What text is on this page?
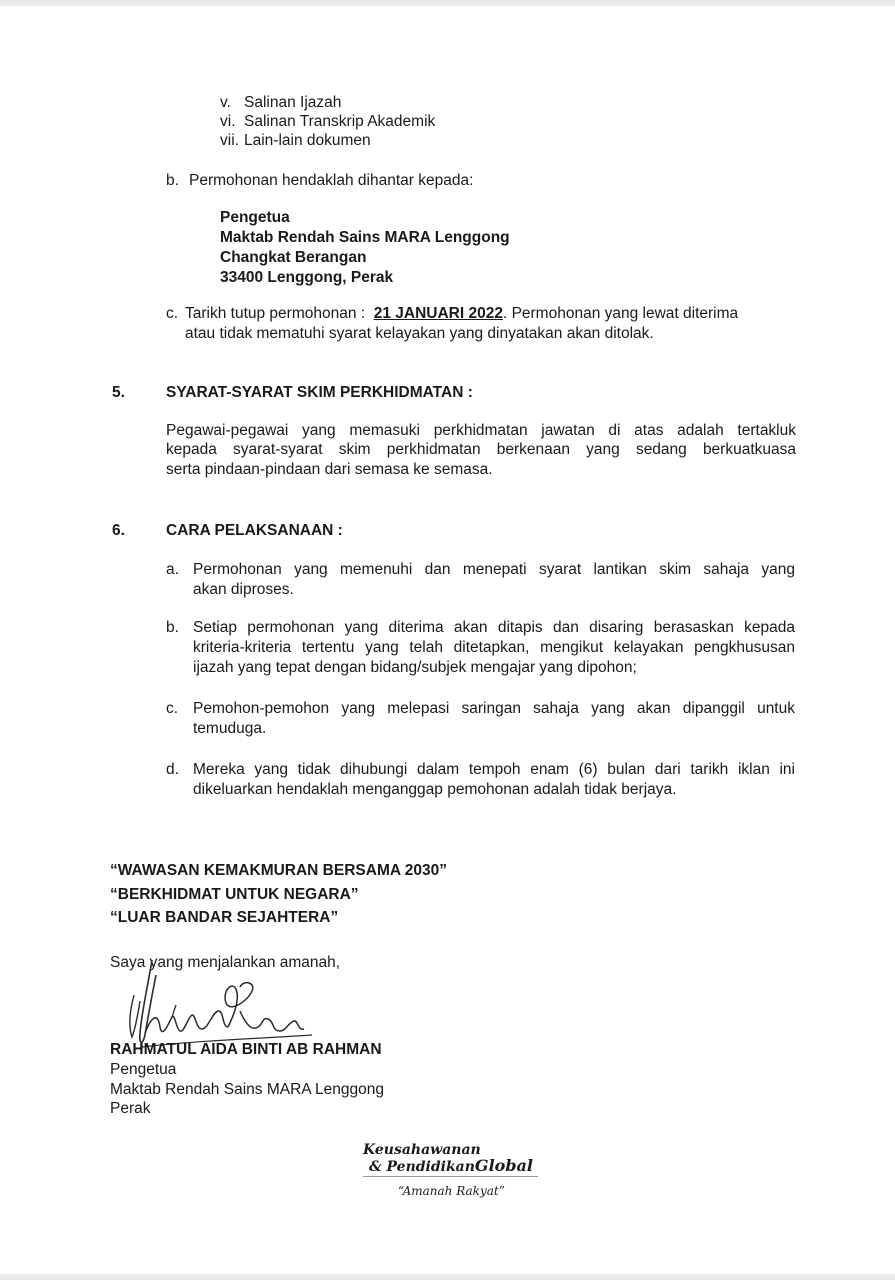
v. Salinan Ijazah
vi. Salinan Transkrip Akademik
vii. Lain-lain dokumen
b. Permohonan hendaklah dihantar kepada:
Pengetua
Maktab Rendah Sains MARA Lenggong
Changkat Berangan
33400 Lenggong, Perak
c. Tarikh tutup permohonan : 21 JANUARI 2022. Permohonan yang lewat diterima
atau tidak mematuhi syarat kelayakan yang dinyatakan akan ditolak.
5.	SYARAT-SYARAT SKIM PERKHIDMATAN :
Pegawai-pegawai yang memasuki perkhidmatan jawatan di atas adalah tertakluk
kepada syarat-syarat skim perkhidmatan berkenaan yang sedang berkuatkuasa
serta pindaan-pindaan dari semasa ke semasa.
6.	CARA PELAKSANAAN :
a. Permohonan yang memenuhi dan menepati syarat lantikan skim sahaja yang
akan diproses.
b. Setiap permohonan yang diterima akan ditapis dan disaring berasaskan kepada
kriteria-kriteria tertentu yang telah ditetapkan, mengikut kelayakan pengkhususan
ijazah yang tepat dengan bidang/subjek mengajar yang dipohon;
c. Pemohon-pemohon yang melepasi saringan sahaja yang akan dipanggil untuk
temuduga.
d. Mereka yang tidak dihubungi dalam tempoh enam (6) bulan dari tarikh iklan ini
dikeluarkan hendaklah menganggap pemohonan adalah tidak berjaya.
“WAWASAN KEMAKMURAN BERSAMA 2030”
“BERKHIDMAT UNTUK NEGARA”
“LUAR BANDAR SEJAHTERA”
Saya yang menjalankan amanah,
RAHMATUL AIDA BINTI AB RAHMAN
Pengetua
Maktab Rendah Sains MARA Lenggong
Perak
Keusahawanan
& PendidikanGlobal
“Amanah Rakyat”
